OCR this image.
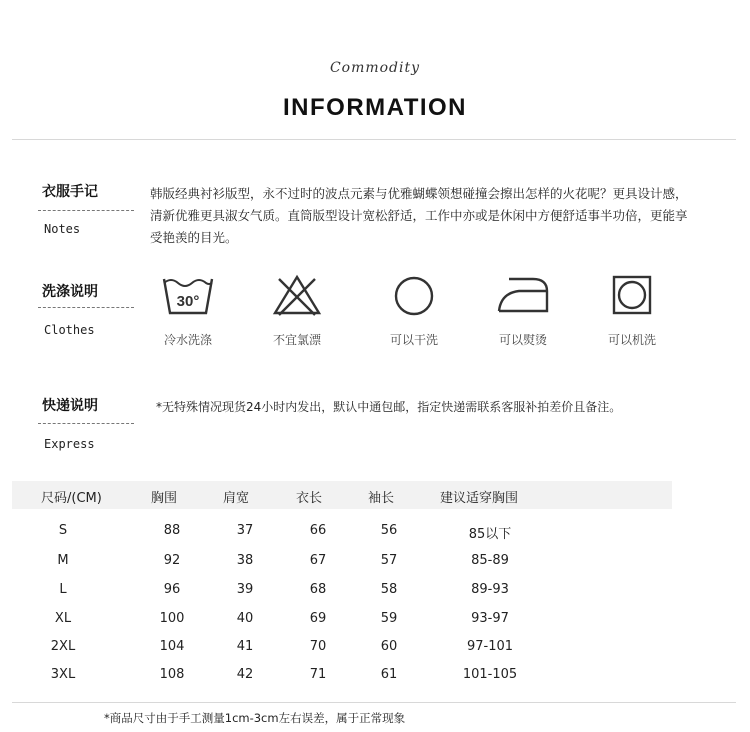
Commodity
INFORMATION
衣服手记
Notes
韩版经典衬衫版型，永不过时的波点元素与优雅蝴蝶领想碰撞会擦出怎样的火花呢？更具设计感，清新优雅更具淑女气质。直筒版型设计宽松舒适，工作中亦或是休闲中方便舒适事半功倍，更能享受艳羡的目光。
洗涤说明
Clothes
30°
冷水洗涤	不宜氯漂	可以干洗	可以熨烫	可以机洗
快递说明
Express
*无特殊情况现货24小时内发出，默认中通包邮，指定快递需联系客服补拍差价且备注。
尺码/(CM)	胸围	肩宽	衣长	袖长	建议适穿胸围
S	88	37	66	56	85以下
M	92	38	67	57	85-89
L	96	39	68	58	89-93
XL	100	40	69	59	93-97
2XL	104	41	70	60	97-101
3XL	108	42	71	61	101-105
*商品尺寸由于手工测量1cm-3cm左右误差，属于正常现象
